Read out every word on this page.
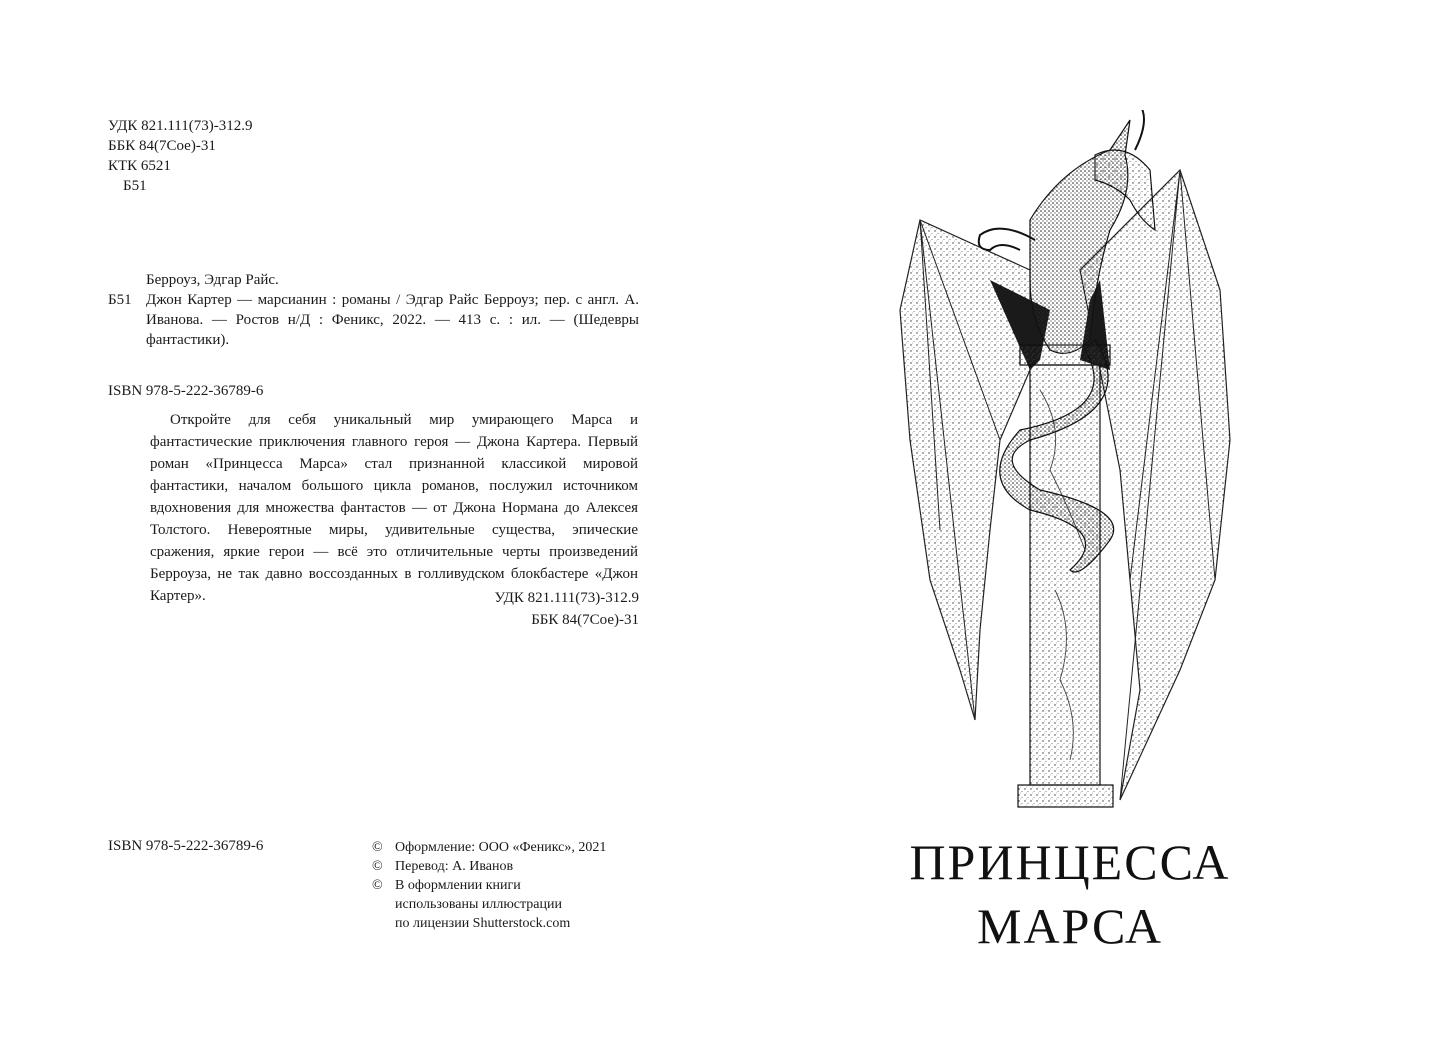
УДК 821.111(73)-312.9
ББК 84(7Сое)-31
КТК 6521
Б51
Берроуз, Эдгар Райс.
Б51 Джон Картер — марсианин : романы / Эдгар Райс Берроуз; пер. с англ. А. Иванова. — Ростов н/Д : Феникс, 2022. — 413 с. : ил. — (Шедевры фантастики).
ISBN 978-5-222-36789-6

Откройте для себя уникальный мир умирающего Марса и фантастические приключения главного героя — Джона Картера. Первый роман «Принцесса Марса» стал признанной классикой мировой фантастики, началом большого цикла романов, послужил источником вдохновения для множества фантастов — от Джона Нормана до Алексея Толстого. Невероятные миры, удивительные существа, эпические сражения, яркие герои — всё это отличительные черты произведений Берроуза, не так давно воссозданных в голливудском блокбастере «Джон Картер».	УДК 821.111(73)-312.9
ББК 84(7Сое)-31
ISBN 978-5-222-36789-6	© Оформление: ООО «Феникс», 2021
© Перевод: А. Иванов
© В оформлении книги
использованы иллюстрации
по лицензии Shutterstock.com
ПРИНЦЕССА
МАРСА
